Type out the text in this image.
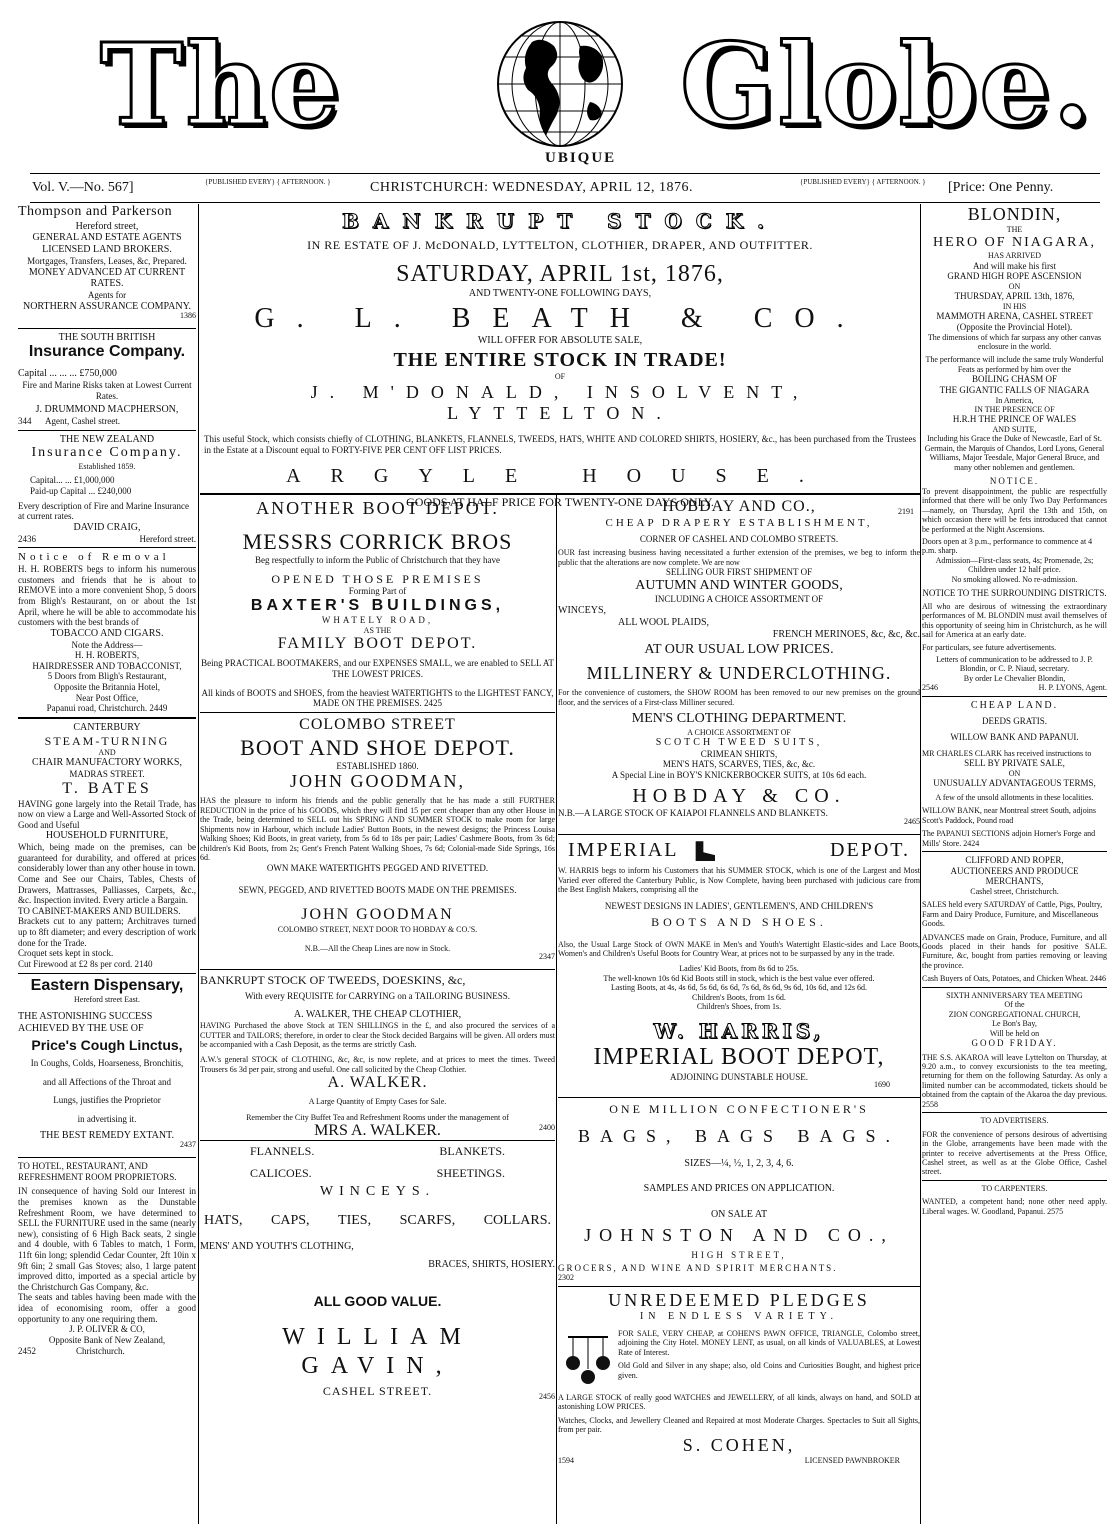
The
UBIQUE
Globe.
Vol. V.—No. 567]	{PUBLISHED EVERY} { AFTERNOON. }	CHRISTCHURCH: WEDNESDAY, APRIL 12, 1876.	{PUBLISHED EVERY} { AFTERNOON. } [Price: One Penny.

Thompson and Parkerson

Hereford street,

GENERAL AND ESTATE AGENTS

LICENSED LAND BROKERS.

Mortgages, Transfers, Leases, &c, Prepared.

MONEY ADVANCED AT CURRENT RATES.

Agents for

NORTHERN ASSURANCE COMPANY.

1386

THE SOUTH BRITISH

Insurance Company.

Capital ... ... ... £750,000

Fire and Marine Risks taken at Lowest Current Rates.

J. DRUMMOND MACPHERSON,

344 Agent, Cashel street.

THE NEW ZEALAND

Insurance Company.

Established 1859.

Capital... ... £1,000,000

Paid-up Capital ... £240,000

Every description of Fire and Marine Insurance at current rates.

DAVID CRAIG,

2436	Hereford street.

Notice of Removal

H. H. ROBERTS begs to inform his numerous customers and friends that he is about to REMOVE into a more convenient Shop, 5 doors from Bligh's Restaurant, on or about the 1st April, where he will be able to accommodate his customers with the best brands of

TOBACCO AND CIGARS.

Note the Address—

H. H. ROBERTS,

HAIRDRESSER AND TOBACCONIST,

5 Doors from Bligh's Restaurant,

Opposite the Britannia Hotel,

Near Post Office,

Papanui road, Christchurch. 2449

CANTERBURY

STEAM-TURNING

AND

CHAIR MANUFACTORY WORKS,

MADRAS STREET.

T. BATES

HAVING gone largely into the Retail Trade, has now on view a Large and Well-Assorted Stock of Good and Useful

HOUSEHOLD FURNITURE,

Which, being made on the premises, can be guaranteed for durability, and offered at prices considerably lower than any other house in town.

Come and See our Chairs, Tables, Chests of Drawers, Mattrasses, Palliasses, Carpets, &c., &c. Inspection invited. Every article a Bargain.

TO CABINET-MAKERS AND BUILDERS.

Brackets cut to any pattern; Architraves turned up to 8ft diameter; and every description of work done for the Trade.

Croquet sets kept in stock.

Cut Firewood at £2 8s per cord. 2140

Eastern Dispensary,

Hereford street East.

THE ASTONISHING SUCCESS ACHIEVED BY THE USE OF

Price's Cough Linctus,

In Coughs, Colds, Hoarseness, Bronchitis,

and all Affections of the Throat and

Lungs, justifies the Proprietor

in advertising it.

THE BEST REMEDY EXTANT.

2437

TO HOTEL, RESTAURANT, AND REFRESHMENT ROOM PROPRIETORS.

IN consequence of having Sold our Interest in the premises known as the Dunstable Refreshment Room, we have determined to SELL the FURNITURE used in the same (nearly new), consisting of 6 High Back seats, 2 single and 4 double, with 6 Tables to match, 1 Form, 11ft 6in long; splendid Cedar Counter, 2ft 10in x 9ft 6in; 2 small Gas Stoves; also, 1 large patent improved ditto, imported as a special article by the Christchurch Gas Company, &c.

The seats and tables having been made with the idea of economising room, offer a good opportunity to any one requiring them.

J. P. OLIVER & CO,

Opposite Bank of New Zealand,

2452	Christchurch.

BANKRUPT STOCK.

IN RE ESTATE OF J. McDONALD, LYTTELTON, CLOTHIER, DRAPER, AND OUTFITTER.

SATURDAY, APRIL 1st, 1876,

AND TWENTY-ONE FOLLOWING DAYS,

G. L. BEATH & CO.

WILL OFFER FOR ABSOLUTE SALE,

THE ENTIRE STOCK IN TRADE!

OF

J. M'DONALD, INSOLVENT, LYTTELTON.

This useful Stock, which consists chiefly of CLOTHING, BLANKETS, FLANNELS, TWEEDS, HATS, WHITE AND COLORED SHIRTS, HOSIERY, &c., has been purchased from the Trustees in the Estate at a Discount equal to FORTY-FIVE PER CENT OFF LIST PRICES.

ARGYLE HOUSE.

GOODS AT HALF PRICE FOR TWENTY-ONE DAYS ONLY.

2191

ANOTHER BOOT DEPOT.

MESSRS CORRICK BROS

Beg respectfully to inform the Public of Christchurch that they have

OPENED THOSE PREMISES

Forming Part of

BAXTER'S BUILDINGS,

WHATELY ROAD,

AS THE

FAMILY BOOT DEPOT.

Being PRACTICAL BOOTMAKERS, and our EXPENSES SMALL, we are enabled to SELL AT THE LOWEST PRICES.

All kinds of BOOTS and SHOES, from the heaviest WATERTIGHTS to the LIGHTEST FANCY, MADE ON THE PREMISES. 2425

COLOMBO STREET

BOOT AND SHOE DEPOT.

ESTABLISHED 1860.

JOHN GOODMAN,

HAS the pleasure to inform his friends and the public generally that he has made a still FURTHER REDUCTION in the price of his GOODS, which they will find 15 per cent cheaper than any other House in the Trade, being determined to SELL out his SPRING AND SUMMER STOCK to make room for large Shipments now in Harbour, which include Ladies' Button Boots, in the newest designs; the Princess Louisa Walking Shoes; Kid Boots, in great variety, from 5s 6d to 18s per pair; Ladies' Cashmere Boots, from 3s 6d; children's Kid Boots, from 2s; Gent's French Patent Walking Shoes, 7s 6d; Colonial-made Side Springs, 16s 6d.

OWN MAKE WATERTIGHTS PEGGED AND RIVETTED.

SEWN, PEGGED, AND RIVETTED BOOTS MADE ON THE PREMISES.

JOHN GOODMAN

COLOMBO STREET, NEXT DOOR TO HOBDAY & CO.'S.

N.B.—All the Cheap Lines are now in Stock.

2347

BANKRUPT STOCK OF TWEEDS, DOESKINS, &c,

With every REQUISITE for CARRYING on a TAILORING BUSINESS.

A. WALKER, THE CHEAP CLOTHIER,

HAVING Purchased the above Stock at TEN SHILLINGS in the £, and also procured the services of a CUTTER and TAILORS; therefore, in order to clear the Stock decided Bargains will be given. All orders must be accompanied with a Cash Deposit, as the terms are strictly Cash.

A.W.'s general STOCK of CLOTHING, &c, &c, is now replete, and at prices to meet the times. Tweed Trousers 6s 3d per pair, strong and useful. One call solicited by the Cheap Clothier.

A. WALKER.

A Large Quantity of Empty Cases for Sale.

Remember the City Buffet Tea and Refreshment Rooms under the management of

MRS A. WALKER.	2400

FLANNELS.	BLANKETS.

CALICOES.	SHEETINGS.

WINCEYS.

HATS, CAPS, TIES, SCARFS, COLLARS.

MENS' AND YOUTH'S CLOTHING,

BRACES, SHIRTS, HOSIERY.

ALL GOOD VALUE.

WILLIAM GAVIN,

CASHEL STREET.	2456

HOBDAY AND CO.,

CHEAP DRAPERY ESTABLISHMENT,

CORNER OF CASHEL AND COLOMBO STREETS.

OUR fast increasing business having necessitated a further extension of the premises, we beg to inform the public that the alterations are now complete. We are now

SELLING OUR FIRST SHIPMENT OF

AUTUMN AND WINTER GOODS,

INCLUDING A CHOICE ASSORTMENT OF

WINCEYS,

ALL WOOL PLAIDS,

FRENCH MERINOES, &c, &c, &c.

AT OUR USUAL LOW PRICES.

MILLINERY & UNDERCLOTHING.

For the convenience of customers, the SHOW ROOM has been removed to our new premises on the ground floor, and the services of a First-class Milliner secured.

MEN'S CLOTHING DEPARTMENT.

A CHOICE ASSORTMENT OF

SCOTCH TWEED SUITS,

CRIMEAN SHIRTS,

MEN'S HATS, SCARVES, TIES, &c, &c.

A Special Line in BOY'S KNICKERBOCKER SUITS, at 10s 6d each.

HOBDAY & CO.

N.B.—A LARGE STOCK OF KAIAPOI FLANNELS AND BLANKETS.

2465

IMPERIAL	DEPOT.

W. HARRIS begs to inform his Customers that his SUMMER STOCK, which is one of the Largest and Most Varied ever offered the Canterbury Public, is Now Complete, having been purchased with judicious care from the Best English Makers, comprising all the

NEWEST DESIGNS IN LADIES', GENTLEMEN'S, AND CHILDREN'S

BOOTS AND SHOES.

Also, the Usual Large Stock of OWN MAKE in Men's and Youth's Watertight Elastic-sides and Lace Boots, Women's and Children's Useful Boots for Country Wear, at prices not to be surpassed by any in the trade.

Ladies' Kid Boots, from 8s 6d to 25s.

The well-known 10s 6d Kid Boots still in stock, which is the best value ever offered.

Lasting Boots, at 4s, 4s 6d, 5s 6d, 6s 6d, 7s 6d, 8s 6d, 9s 6d, 10s 6d, and 12s 6d.

Children's Boots, from 1s 6d.

Children's Shoes, from 1s.

W. HARRIS,

IMPERIAL BOOT DEPOT,

ADJOINING DUNSTABLE HOUSE.

1690

ONE MILLION CONFECTIONER'S

BAGS, BAGS BAGS.

SIZES—¼, ½, 1, 2, 3, 4, 6.

SAMPLES AND PRICES ON APPLICATION.

ON SALE AT

JOHNSTON AND CO.,

HIGH STREET,

GROCERS, AND WINE AND SPIRIT MERCHANTS.

2302

UNREDEEMED PLEDGES

IN ENDLESS VARIETY.

FOR SALE, VERY CHEAP, at COHEN'S PAWN OFFICE, TRIANGLE, Colombo street, adjoining the City Hotel. MONEY LENT, as usual, on all kinds of VALUABLES, at Lowest Rate of Interest.

Old Gold and Silver in any shape; also, old Coins and Curiosities Bought, and highest price given.

A LARGE STOCK of really good WATCHES and JEWELLERY, of all kinds, always on hand, and SOLD at astonishing LOW PRICES.

Watches, Clocks, and Jewellery Cleaned and Repaired at most Moderate Charges. Spectacles to Suit all Sights, from per pair.

S. COHEN,

1594	LICENSED PAWNBROKER

BLONDIN,

THE

HERO OF NIAGARA,

HAS ARRIVED

And will make his first

GRAND HIGH ROPE ASCENSION

ON

THURSDAY, APRIL 13th, 1876,

IN HIS

MAMMOTH ARENA, CASHEL STREET

(Opposite the Provincial Hotel).

The dimensions of which far surpass any other canvas enclosure in the world.

The performance will include the same truly Wonderful Feats as performed by him over the

BOILING CHASM OF

THE GIGANTIC FALLS OF NIAGARA

In America,

IN THE PRESENCE OF

H.R.H THE PRINCE OF WALES

AND SUITE,

Including his Grace the Duke of Newcastle, Earl of St. Germain, the Marquis of Chandos, Lord Lyons, General Williams, Major Teesdale, Major General Bruce, and many other noblemen and gentlemen.

NOTICE.

To prevent disappointment, the public are respectfully informed that there will be only Two Day Performances—namely, on Thursday, April the 13th and 15th, on which occasion there will be fets introduced that cannot be performed at the Night Ascensions.

Doors open at 3 p.m., performance to commence at 4 p.m. sharp.

Admission—First-class seats, 4s; Promenade, 2s; Children under 12 half price.

No smoking allowed. No re-admission.

NOTICE TO THE SURROUNDING DISTRICTS.

All who are desirous of witnessing the extraordinary performances of M. BLONDIN must avail themselves of this opportunity of seeing him in Christchurch, as he will sail for America at an early date.

For particulars, see future advertisements.

Letters of communication to be addressed to J. P. Blondin, or C. P. Niaud, secretary.

By order Le Chevalier Blondin,

2546	H. P. LYONS, Agent.

CHEAP LAND.

DEEDS GRATIS.

WILLOW BANK AND PAPANUI.

MR CHARLES CLARK has received instructions to

SELL BY PRIVATE SALE,

ON

UNUSUALLY ADVANTAGEOUS TERMS,

A few of the unsold allotments in these localities.

WILLOW BANK, near Montreal street South, adjoins Scott's Paddock, Pound road

The PAPANUI SECTIONS adjoin Horner's Forge and Mills' Store. 2424

CLIFFORD AND ROPER,

AUCTIONEERS AND PRODUCE MERCHANTS,

Cashel street, Christchurch.

SALES held every SATURDAY of Cattle, Pigs, Poultry, Farm and Dairy Produce, Furniture, and Miscellaneous Goods.

ADVANCES made on Grain, Produce, Furniture, and all Goods placed in their hands for positive SALE. Furniture, &c, bought from parties removing or leaving the province.

Cash Buyers of Oats, Potatoes, and Chicken Wheat. 2446

SIXTH ANNIVERSARY TEA MEETING

Of the

ZION CONGREGATIONAL CHURCH,

Le Bon's Bay,

Will be held on

GOOD FRIDAY.

THE S.S. AKAROA will leave Lyttelton on Thursday, at 9.20 a.m., to convey excursionists to the tea meeting, returning for them on the following Saturday. As only a limited number can be accommodated, tickets should be obtained from the captain of the Akaroa the day previous. 2558

TO ADVERTISERS.

FOR the convenience of persons desirous of advertising in the Globe, arrangements have been made with the printer to receive advertisements at the Press Office, Cashel street, as well as at the Globe Office, Cashel street.

TO CARPENTERS.

WANTED, a competent hand; none other need apply. Liberal wages. W. Goodland, Papanui. 2575
